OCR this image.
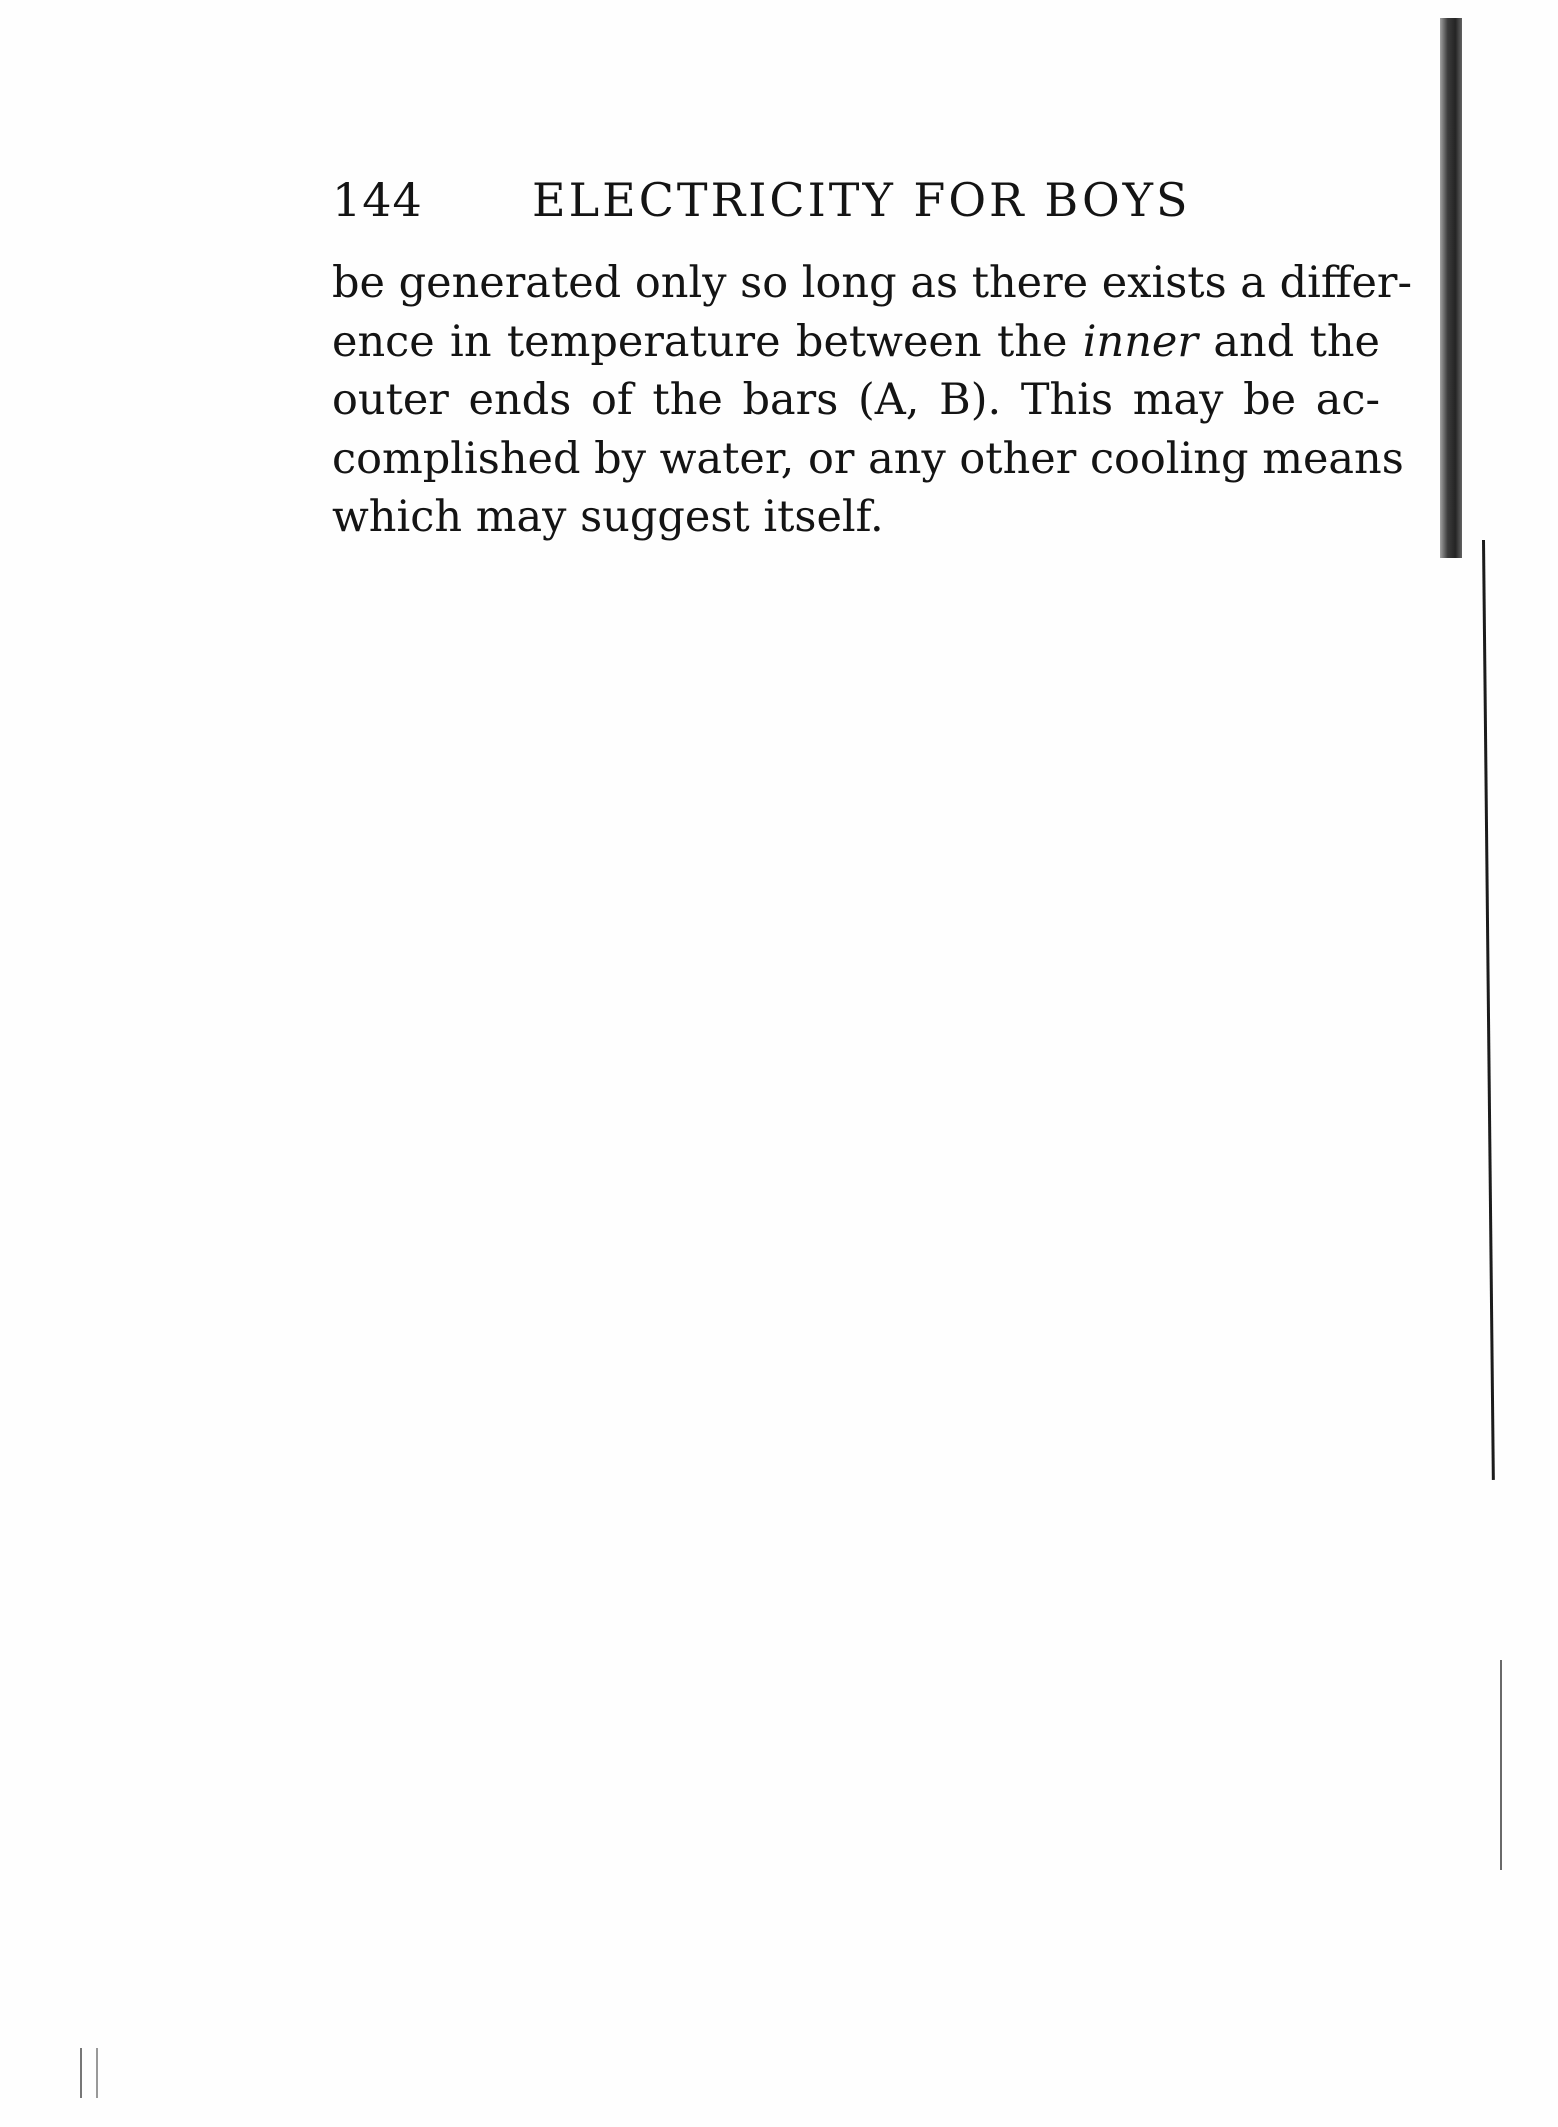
144 ELECTRICITY FOR BOYS
be generated only so long as there exists a differ-
ence in temperature between the inner and the
outer ends of the bars (A, B). This may be ac-
complished by water, or any other cooling means
which may suggest itself.
